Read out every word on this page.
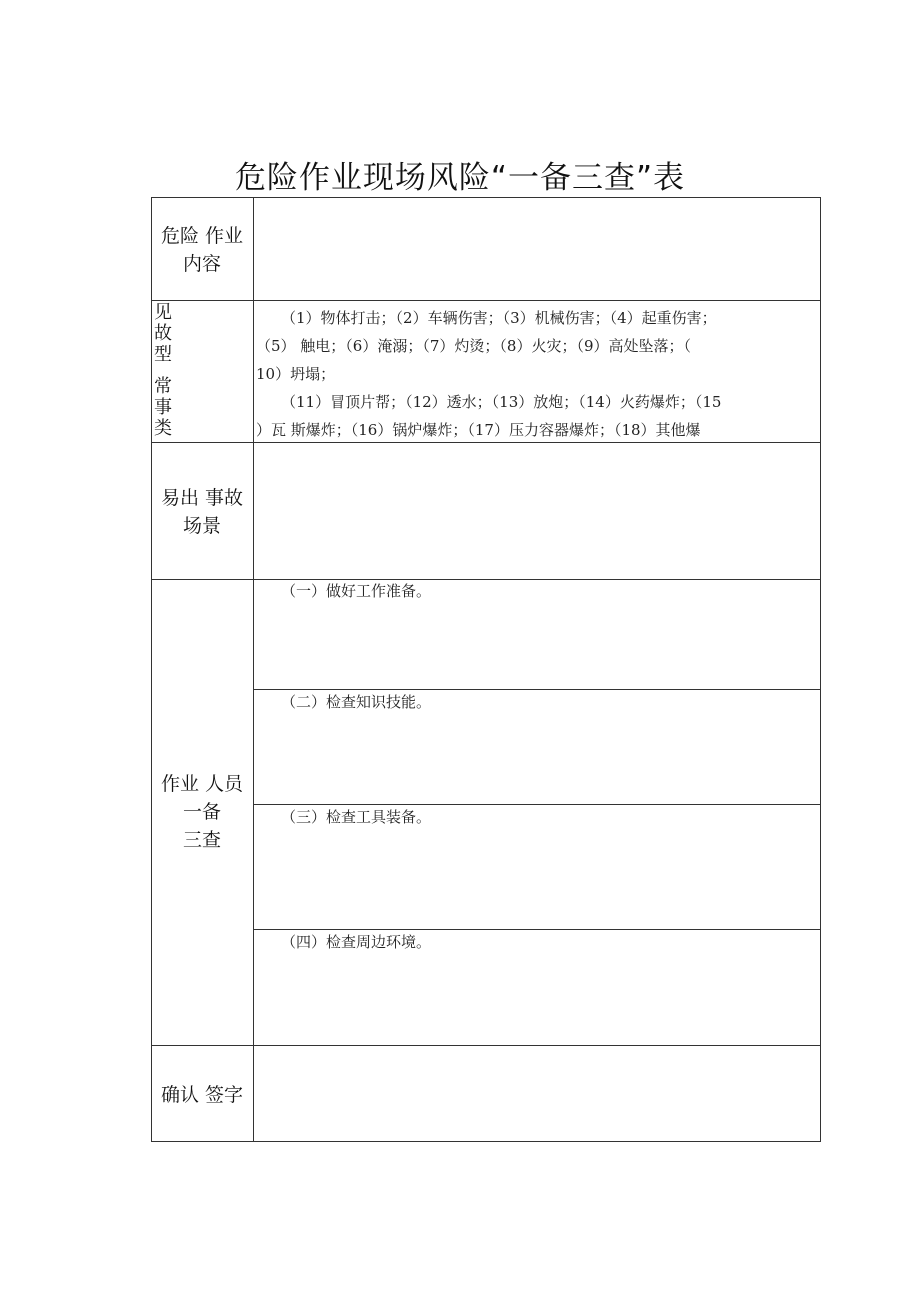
危险作业现场风险“一备三查”表
危险 作业
内容
见
故
型
常
事
类
（1）物体打击；（2）车辆伤害；（3）机械伤害；（4）起重伤害；
（5） 触电；（6）淹溺；（7）灼烫；（8）火灾；（9）高处坠落；（
10）坍塌；
（11）冒顶片帮；（12）透水；（13）放炮；（14）火药爆炸；（15
）瓦 斯爆炸；（16）锅炉爆炸；（17）压力容器爆炸；（18）其他爆
易出 事故
场景
作业 人员
一备
三查
（一）做好工作准备。
（二）检查知识技能。
（三）检查工具装备。
（四）检查周边环境。
确认 签字
